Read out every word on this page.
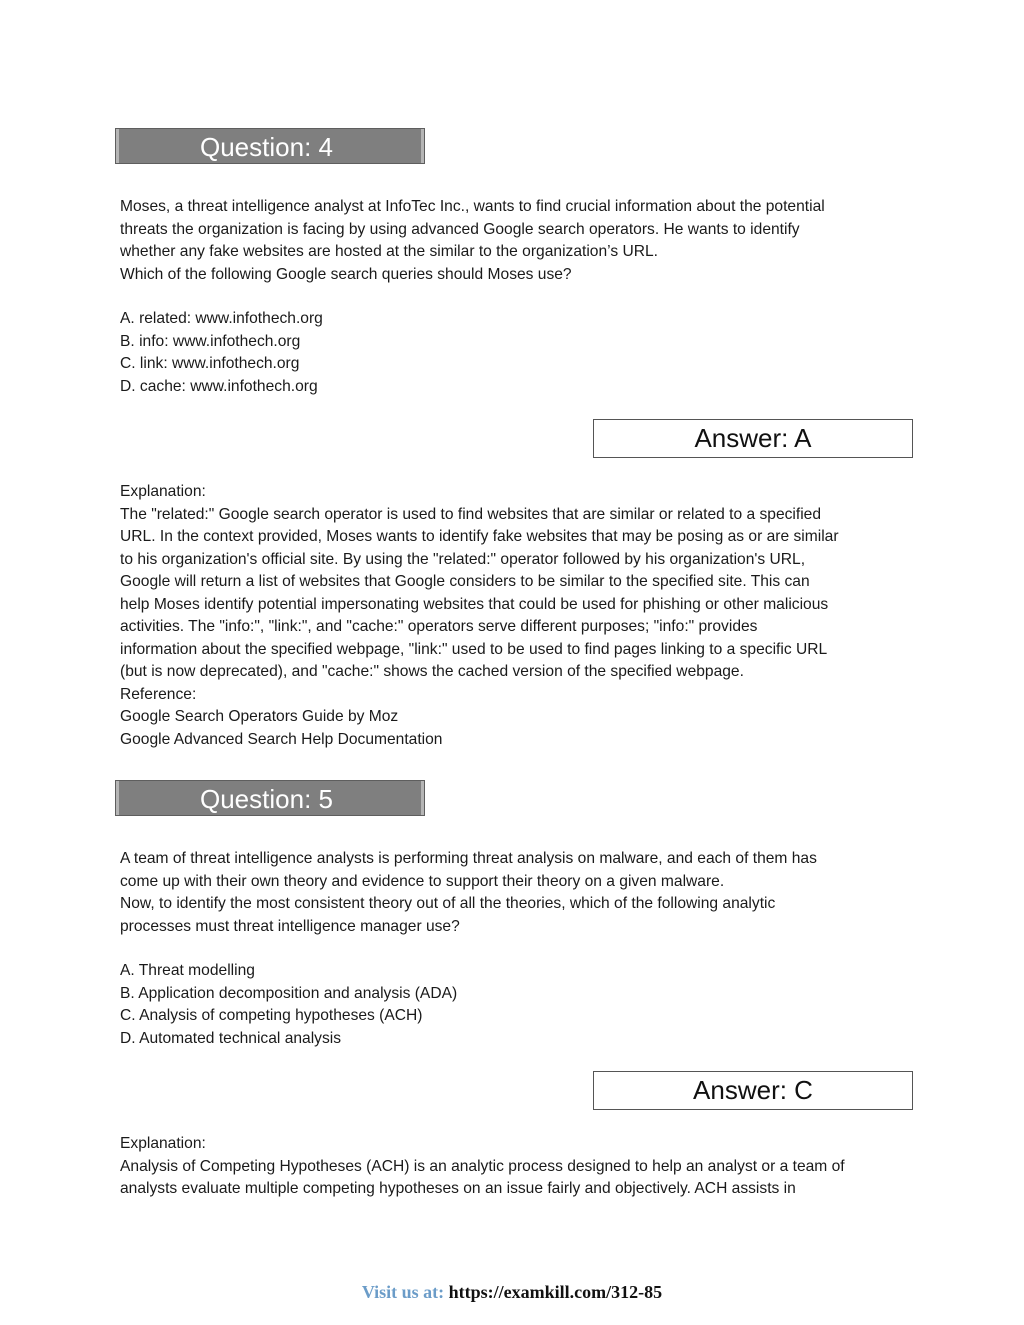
Question: 4
Moses, a threat intelligence analyst at InfoTec Inc., wants to find crucial information about the potential
threats the organization is facing by using advanced Google search operators. He wants to identify
whether any fake websites are hosted at the similar to the organization’s URL.
Which of the following Google search queries should Moses use?
A. related: www.infothech.org
B. info: www.infothech.org
C. link: www.infothech.org
D. cache: www.infothech.org
Answer: A
Explanation:
The "related:" Google search operator is used to find websites that are similar or related to a specified
URL. In the context provided, Moses wants to identify fake websites that may be posing as or are similar
to his organization's official site. By using the "related:" operator followed by his organization's URL,
Google will return a list of websites that Google considers to be similar to the specified site. This can
help Moses identify potential impersonating websites that could be used for phishing or other malicious
activities. The "info:", "link:", and "cache:" operators serve different purposes; "info:" provides
information about the specified webpage, "link:" used to be used to find pages linking to a specific URL
(but is now deprecated), and "cache:" shows the cached version of the specified webpage.
Reference:
Google Search Operators Guide by Moz
Google Advanced Search Help Documentation
Question: 5
A team of threat intelligence analysts is performing threat analysis on malware, and each of them has
come up with their own theory and evidence to support their theory on a given malware.
Now, to identify the most consistent theory out of all the theories, which of the following analytic
processes must threat intelligence manager use?
A. Threat modelling
B. Application decomposition and analysis (ADA)
C. Analysis of competing hypotheses (ACH)
D. Automated technical analysis
Answer: C
Explanation:
Analysis of Competing Hypotheses (ACH) is an analytic process designed to help an analyst or a team of
analysts evaluate multiple competing hypotheses on an issue fairly and objectively. ACH assists in
Visit us at: https://examkill.com/312-85
